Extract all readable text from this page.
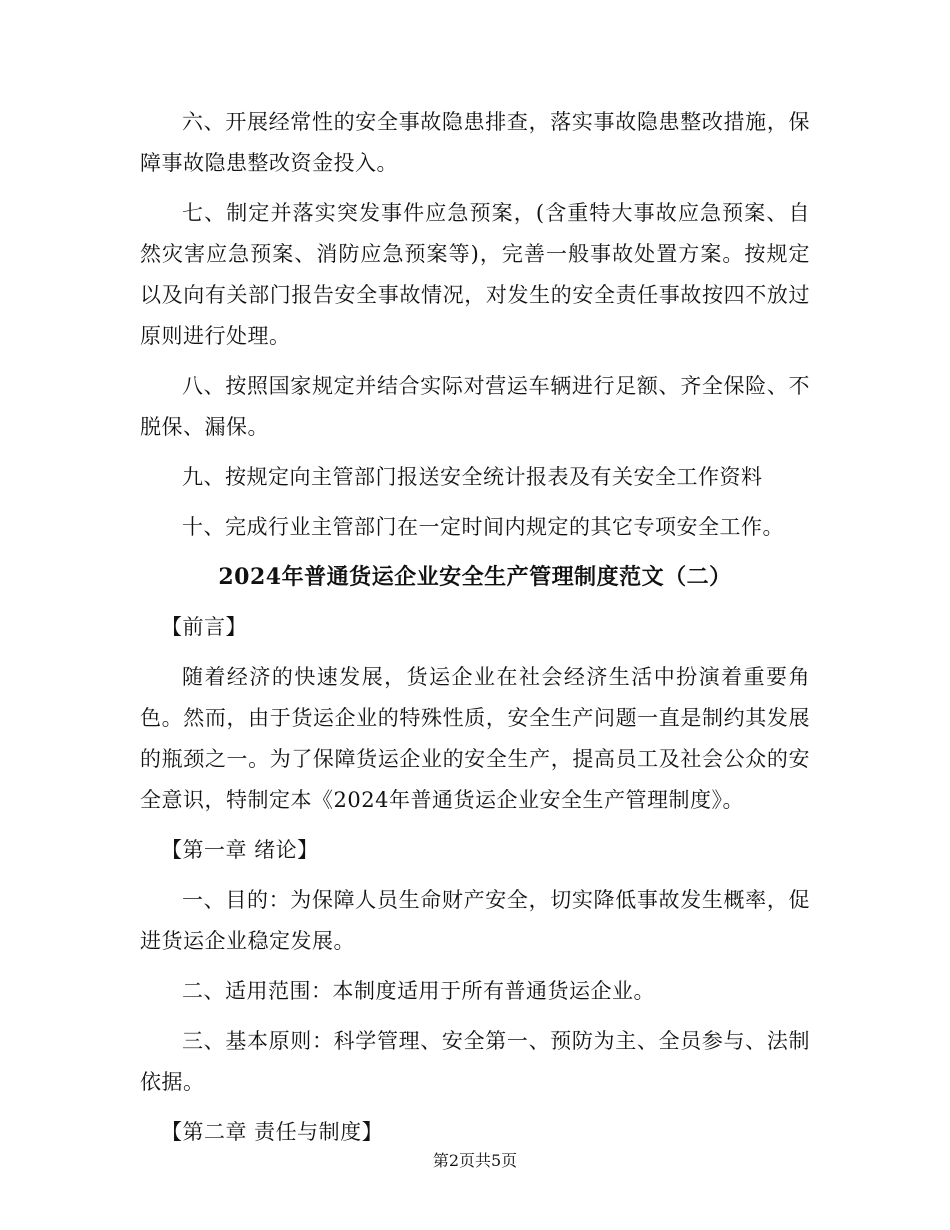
六、开展经常性的安全事故隐患排查，落实事故隐患整改措施，保障事故隐患整改资金投入。

七、制定并落实突发事件应急预案，(含重特大事故应急预案、自然灾害应急预案、消防应急预案等)，完善一般事故处置方案。按规定以及向有关部门报告安全事故情况，对发生的安全责任事故按四不放过原则进行处理。

八、按照国家规定并结合实际对营运车辆进行足额、齐全保险、不脱保、漏保。

九、按规定向主管部门报送安全统计报表及有关安全工作资料

十、完成行业主管部门在一定时间内规定的其它专项安全工作。

2024年普通货运企业安全生产管理制度范文（二）

【前言】

随着经济的快速发展，货运企业在社会经济生活中扮演着重要角色。然而，由于货运企业的特殊性质，安全生产问题一直是制约其发展的瓶颈之一。为了保障货运企业的安全生产，提高员工及社会公众的安全意识，特制定本《2024年普通货运企业安全生产管理制度》。

【第一章 绪论】

一、目的：为保障人员生命财产安全，切实降低事故发生概率，促进货运企业稳定发展。

二、适用范围：本制度适用于所有普通货运企业。

三、基本原则：科学管理、安全第一、预防为主、全员参与、法制依据。

【第二章 责任与制度】

第2页共5页
